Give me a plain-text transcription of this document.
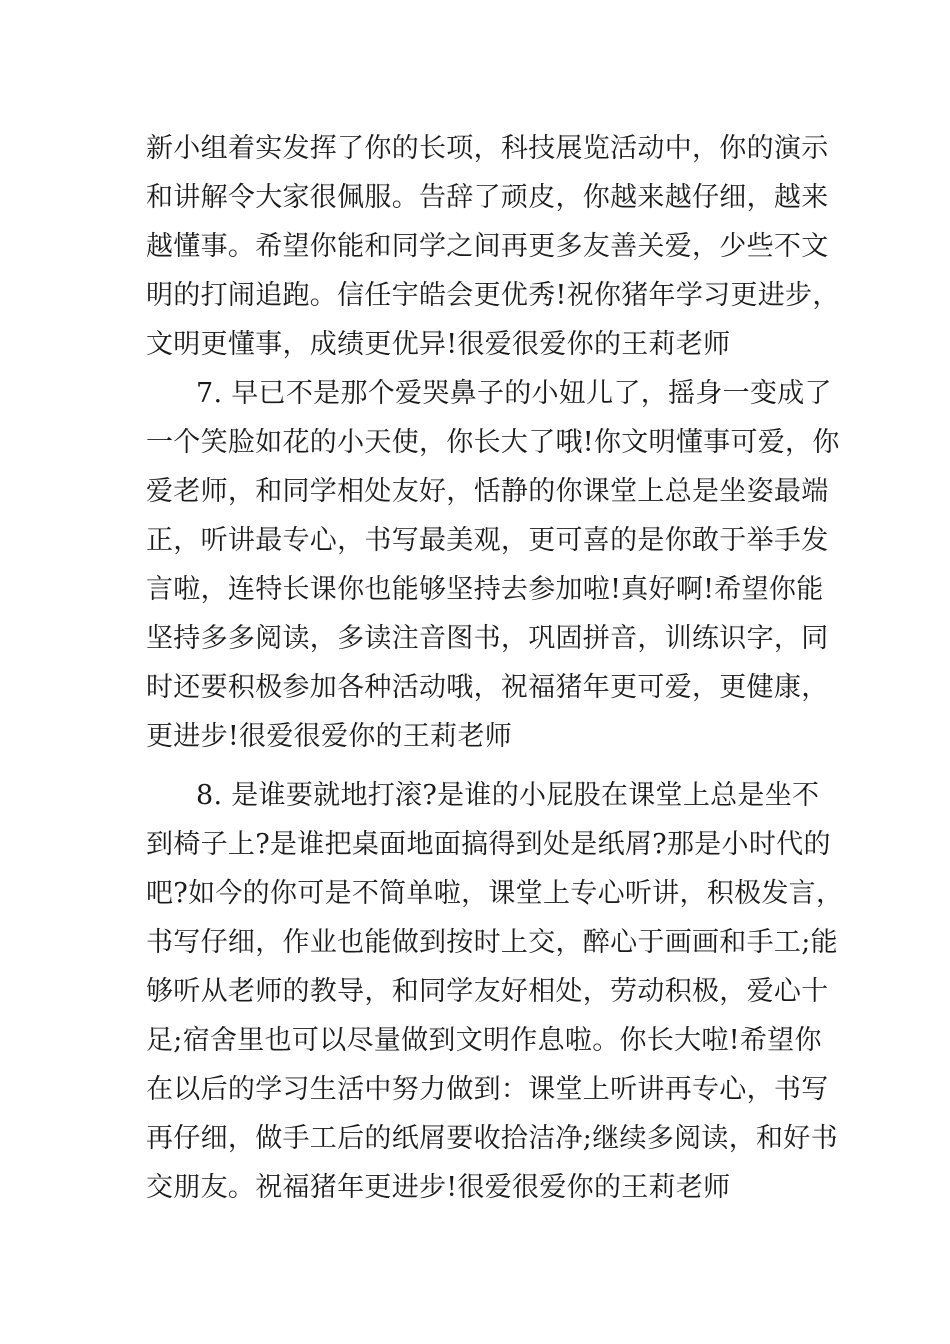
新小组着实发挥了你的长项，科技展览活动中，你的演示
和讲解令大家很佩服。告辞了顽皮，你越来越仔细，越来
越懂事。希望你能和同学之间再更多友善关爱，少些不文
明的打闹追跑。信任宇皓会更优秀!祝你猪年学习更进步，
文明更懂事，成绩更优异!很爱很爱你的王莉老师
7. 早已不是那个爱哭鼻子的小妞儿了，摇身一变成了
一个笑脸如花的小天使，你长大了哦!你文明懂事可爱，你
爱老师，和同学相处友好，恬静的你课堂上总是坐姿最端
正，听讲最专心，书写最美观，更可喜的是你敢于举手发
言啦，连特长课你也能够坚持去参加啦!真好啊!希望你能
坚持多多阅读，多读注音图书，巩固拼音，训练识字，同
时还要积极参加各种活动哦，祝福猪年更可爱，更健康，
更进步!很爱很爱你的王莉老师
8. 是谁要就地打滚?是谁的小屁股在课堂上总是坐不
到椅子上?是谁把桌面地面搞得到处是纸屑?那是小时代的
吧?如今的你可是不简单啦，课堂上专心听讲，积极发言，
书写仔细，作业也能做到按时上交，醉心于画画和手工;能
够听从老师的教导，和同学友好相处，劳动积极，爱心十
足;宿舍里也可以尽量做到文明作息啦。你长大啦!希望你
在以后的学习生活中努力做到：课堂上听讲再专心，书写
再仔细，做手工后的纸屑要收拾洁净;继续多阅读，和好书
交朋友。祝福猪年更进步!很爱很爱你的王莉老师
